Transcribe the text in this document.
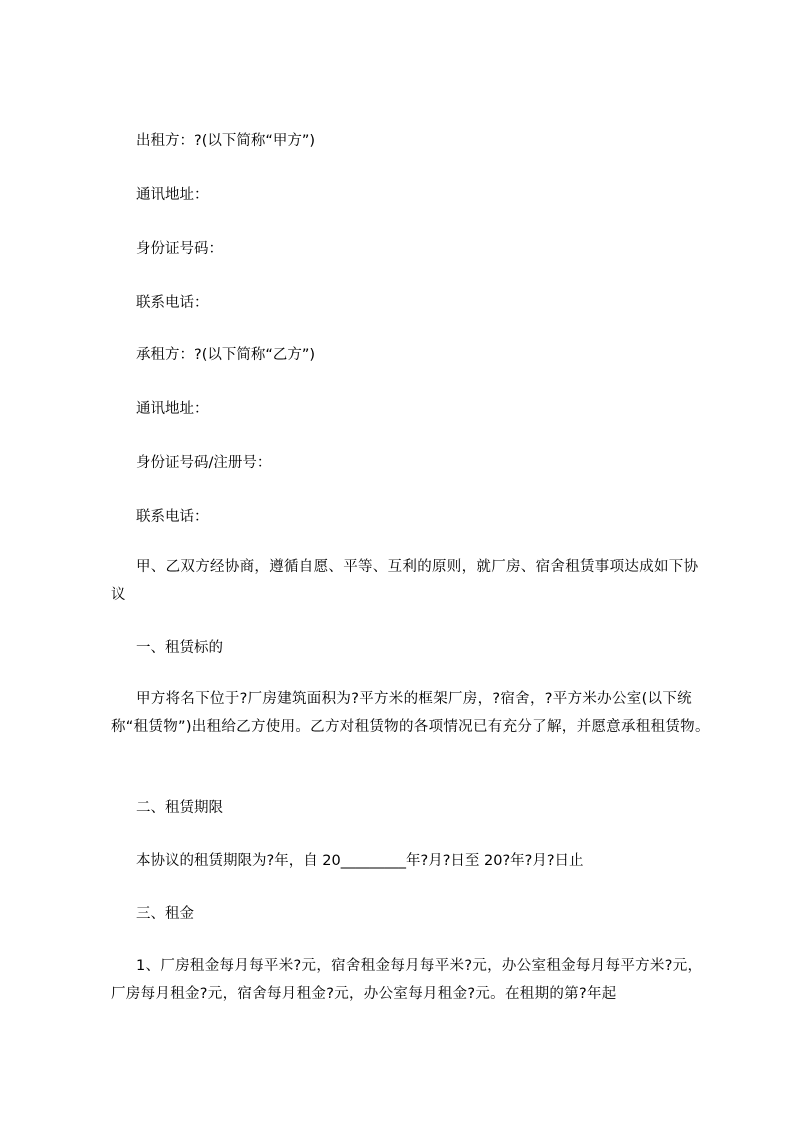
出租方：?(以下简称“甲方”)
通讯地址：
身份证号码：
联系电话：
承租方：?(以下简称“乙方”)
通讯地址：
身份证号码/注册号：
联系电话：
甲、乙双方经协商，遵循自愿、平等、互利的原则，就厂房、宿舍租赁事项达成如下协议
一、租赁标的
甲方将名下位于?厂房建筑面积为?平方米的框架厂房，?宿舍，?平方米办公室(以下统称“租赁物”)出租给乙方使用。乙方对租赁物的各项情况已有充分了解，并愿意承租租赁物。
二、租赁期限
本协议的租赁期限为?年，自 20_________年?月?日至 20?年?月?日止
三、租金
1、厂房租金每月每平米?元，宿舍租金每月每平米?元，办公室租金每月每平方米?元，厂房每月租金?元，宿舍每月租金?元，办公室每月租金?元。在租期的第?年起
